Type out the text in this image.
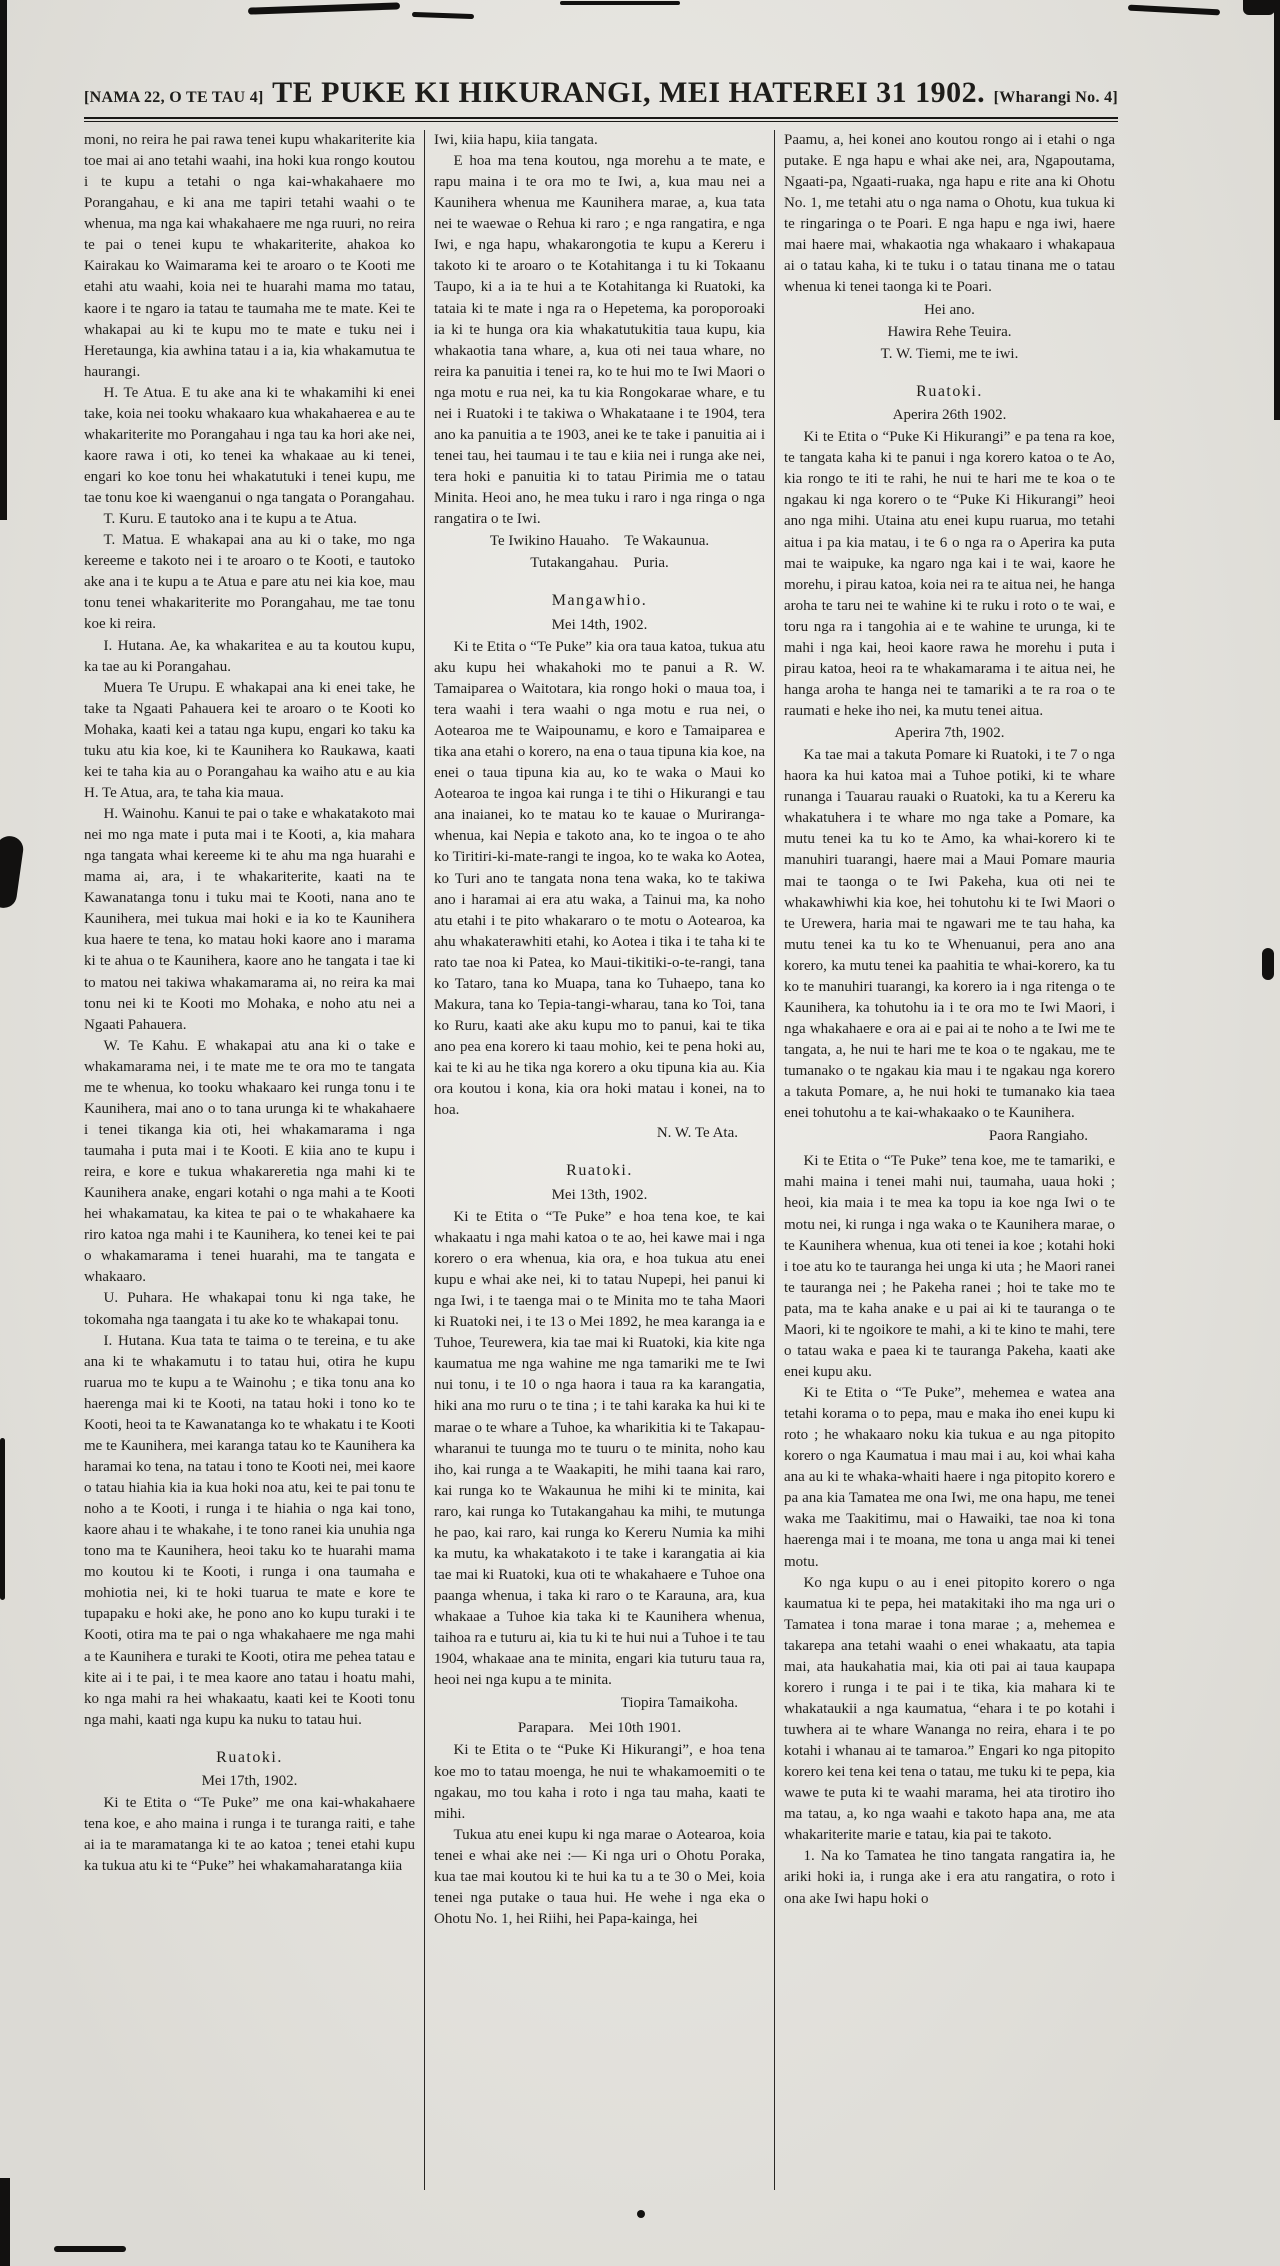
[NAMA 22, O TE TAU 4] TE PUKE KI HIKURANGI, MEI HATEREI 31 1902. [Wharangi No. 4]
moni, no reira he pai rawa tenei kupu whakariterite kia toe mai ai ano tetahi waahi, ina hoki kua rongo koutou i te kupu a tetahi o nga kai-whakahaere mo Porangahau, e ki ana me tapiri tetahi waahi o te whenua, ma nga kai whakahaere me nga ruuri, no reira te pai o tenei kupu te whakariterite, ahakoa ko Kairakau ko Waimarama kei te aroaro o te Kooti me etahi atu waahi, koia nei te huarahi mama mo tatau, kaore i te ngaro ia tatau te taumaha me te mate. Kei te whakapai au ki te kupu mo te mate e tuku nei i Heretaunga, kia awhina tatau i a ia, kia whakamutua te haurangi.
H. Te Atua. E tu ake ana ki te whakamihi ki enei take, koia nei tooku whakaaro kua whakahaerea e au te whakariterite mo Porangahau i nga tau ka hori ake nei, kaore rawa i oti, ko tenei ka whakaae au ki tenei, engari ko koe tonu hei whakatutuki i tenei kupu, me tae tonu koe ki waenganui o nga tangata o Porangahau.
T. Kuru. E tautoko ana i te kupu a te Atua.
T. Matua. E whakapai ana au ki o take, mo nga kereeme e takoto nei i te aroaro o te Kooti, e tautoko ake ana i te kupu a te Atua e pare atu nei kia koe, mau tonu tenei whakariterite mo Porangahau, me tae tonu koe ki reira.
I. Hutana. Ae, ka whakaritea e au ta koutou kupu, ka tae au ki Porangahau.
Muera Te Urupu. E whakapai ana ki enei take, he take ta Ngaati Pahauera kei te aroaro o te Kooti ko Mohaka, kaati kei a tatau nga kupu, engari ko taku ka tuku atu kia koe, ki te Kaunihera ko Raukawa, kaati kei te taha kia au o Porangahau ka waiho atu e au kia H. Te Atua, ara, te taha kia maua.
H. Wainohu. Kanui te pai o take e whakatakoto mai nei mo nga mate i puta mai i te Kooti, a, kia mahara nga tangata whai kereeme ki te ahu ma nga huarahi e mama ai, ara, i te whakariterite, kaati na te Kawanatanga tonu i tuku mai te Kooti, nana ano te Kaunihera, mei tukua mai hoki e ia ko te Kaunihera kua haere te tena, ko matau hoki kaore ano i marama ki te ahua o te Kaunihera, kaore ano he tangata i tae ki to matou nei takiwa whakamarama ai, no reira ka mai tonu nei ki te Kooti mo Mohaka, e noho atu nei a Ngaati Pahauera.
W. Te Kahu. E whakapai atu ana ki o take e whakamarama nei, i te mate me te ora mo te tangata me te whenua, ko tooku whakaaro kei runga tonu i te Kaunihera, mai ano o to tana urunga ki te whakahaere i tenei tikanga kia oti, hei whakamarama i nga taumaha i puta mai i te Kooti. E kiia ano te kupu i reira, e kore e tukua whakareretia nga mahi ki te Kaunihera anake, engari kotahi o nga mahi a te Kooti hei whakamatau, ka kitea te pai o te whakahaere ka riro katoa nga mahi i te Kaunihera, ko tenei kei te pai o whakamarama i tenei huarahi, ma te tangata e whakaaro.
U. Puhara. He whakapai tonu ki nga take, he tokomaha nga taangata i tu ake ko te whakapai tonu.
I. Hutana. Kua tata te taima o te tereina, e tu ake ana ki te whakamutu i to tatau hui, otira he kupu ruarua mo te kupu a te Wainohu ; e tika tonu ana ko haerenga mai ki te Kooti, na tatau hoki i tono ko te Kooti, heoi ta te Kawanatanga ko te whakatu i te Kooti me te Kaunihera, mei karanga tatau ko te Kaunihera ka haramai ko tena, na tatau i tono te Kooti nei, mei kaore o tatau hiahia kia ia kua hoki noa atu, kei te pai tonu te noho a te Kooti, i runga i te hiahia o nga kai tono, kaore ahau i te whakahe, i te tono ranei kia unuhia nga tono ma te Kaunihera, heoi taku ko te huarahi mama mo koutou ki te Kooti, i runga i ona taumaha e mohiotia nei, ki te hoki tuarua te mate e kore te tupapaku e hoki ake, he pono ano ko kupu turaki i te Kooti, otira ma te pai o nga whakahaere me nga mahi a te Kaunihera e turaki te Kooti, otira me pehea tatau e kite ai i te pai, i te mea kaore ano tatau i hoatu mahi, ko nga mahi ra hei whakaatu, kaati kei te Kooti tonu nga mahi, kaati nga kupu ka nuku to tatau hui.
Ruatoki.
Mei 17th, 1902.
Ki te Etita o “Te Puke” me ona kai-whakahaere tena koe, e aho maina i runga i te turanga raiti, e tahe ai ia te maramatanga ki te ao katoa ; tenei etahi kupu ka tukua atu ki te “Puke” hei whakamaharatanga kiia
Iwi, kiia hapu, kiia tangata.
E hoa ma tena koutou, nga morehu a te mate, e rapu maina i te ora mo te Iwi, a, kua mau nei a Kaunihera whenua me Kaunihera marae, a, kua tata nei te waewae o Rehua ki raro ; e nga rangatira, e nga Iwi, e nga hapu, whakarongotia te kupu a Kereru i takoto ki te aroaro o te Kotahitanga i tu ki Tokaanu Taupo, ki a ia te hui a te Kotahitanga ki Ruatoki, ka tataia ki te mate i nga ra o Hepetema, ka poroporoaki ia ki te hunga ora kia whakatutukitia taua kupu, kia whakaotia tana whare, a, kua oti nei taua whare, no reira ka panuitia i tenei ra, ko te hui mo te Iwi Maori o nga motu e rua nei, ka tu kia Rongokarae whare, e tu nei i Ruatoki i te takiwa o Whakataane i te 1904, tera ano ka panuitia a te 1903, anei ke te take i panuitia ai i tenei tau, hei taumau i te tau e kiia nei i runga ake nei, tera hoki e panuitia ki to tatau Pirimia me o tatau Minita. Heoi ano, he mea tuku i raro i nga ringa o nga rangatira o te Iwi.
Te Iwikino Hauaho. Te Wakaunua.
Tutakangahau. Puria.
Mangawhio.
Mei 14th, 1902.
Ki te Etita o “Te Puke” kia ora taua katoa, tukua atu aku kupu hei whakahoki mo te panui a R. W. Tamaiparea o Waitotara, kia rongo hoki o maua toa, i tera waahi i tera waahi o nga motu e rua nei, o Aotearoa me te Waipounamu, e koro e Tamaiparea e tika ana etahi o korero, na ena o taua tipuna kia koe, na enei o taua tipuna kia au, ko te waka o Maui ko Aotearoa te ingoa kai runga i te tihi o Hikurangi e tau ana inaianei, ko te matau ko te kauae o Muriranga-whenua, kai Nepia e takoto ana, ko te ingoa o te aho ko Tiritiri-ki-mate-rangi te ingoa, ko te waka ko Aotea, ko Turi ano te tangata nona tena waka, ko te takiwa ano i haramai ai era atu waka, a Tainui ma, ka noho atu etahi i te pito whakararo o te motu o Aotearoa, ka ahu whakaterawhiti etahi, ko Aotea i tika i te taha ki te rato tae noa ki Patea, ko Maui-tikitiki-o-te-rangi, tana ko Tataro, tana ko Muapa, tana ko Tuhaepo, tana ko Makura, tana ko Tepia-tangi-wharau, tana ko Toi, tana ko Ruru, kaati ake aku kupu mo to panui, kai te tika ano pea ena korero ki taau mohio, kei te pena hoki au, kai te ki au he tika nga korero a oku tipuna kia au. Kia ora koutou i kona, kia ora hoki matau i konei, na to hoa.
N. W. Te Ata.
Ruatoki.
Mei 13th, 1902.
Ki te Etita o “Te Puke” e hoa tena koe, te kai whakaatu i nga mahi katoa o te ao, hei kawe mai i nga korero o era whenua, kia ora, e hoa tukua atu enei kupu e whai ake nei, ki to tatau Nupepi, hei panui ki nga Iwi, i te taenga mai o te Minita mo te taha Maori ki Ruatoki nei, i te 13 o Mei 1892, he mea karanga ia e Tuhoe, Teurewera, kia tae mai ki Ruatoki, kia kite nga kaumatua me nga wahine me nga tamariki me te Iwi nui tonu, i te 10 o nga haora i taua ra ka karangatia, hiki ana mo ruru o te tina ; i te tahi karaka ka hui ki te marae o te whare a Tuhoe, ka wharikitia ki te Takapau-wharanui te tuunga mo te tuuru o te minita, noho kau iho, kai runga a te Waakapiti, he mihi taana kai raro, kai runga ko te Wakaunua he mihi ki te minita, kai raro, kai runga ko Tutakangahau ka mihi, te mutunga he pao, kai raro, kai runga ko Kereru Numia ka mihi ka mutu, ka whakatakoto i te take i karangatia ai kia tae mai ki Ruatoki, kua oti te whakahaere e Tuhoe ona paanga whenua, i taka ki raro o te Karauna, ara, kua whakaae a Tuhoe kia taka ki te Kaunihera whenua, taihoa ra e tuturu ai, kia tu ki te hui nui a Tuhoe i te tau 1904, whakaae ana te minita, engari kia tuturu taua ra, heoi nei nga kupu a te minita.
Tiopira Tamaikoha.
Parapara. Mei 10th 1901.
Ki te Etita o te “Puke Ki Hikurangi”, e hoa tena koe mo to tatau moenga, he nui te whakamoemiti o te ngakau, mo tou kaha i roto i nga tau maha, kaati te mihi.
Tukua atu enei kupu ki nga marae o Aotearoa, koia tenei e whai ake nei :— Ki nga uri o Ohotu Poraka, kua tae mai koutou ki te hui ka tu a te 30 o Mei, koia tenei nga putake o taua hui. He wehe i nga eka o Ohotu No. 1, hei Riihi, hei Papa-kainga, hei
Paamu, a, hei konei ano koutou rongo ai i etahi o nga putake. E nga hapu e whai ake nei, ara, Ngapoutama, Ngaati-pa, Ngaati-ruaka, nga hapu e rite ana ki Ohotu No. 1, me tetahi atu o nga nama o Ohotu, kua tukua ki te ringaringa o te Poari. E nga hapu e nga iwi, haere mai haere mai, whakaotia nga whakaaro i whakapaua ai o tatau kaha, ki te tuku i o tatau tinana me o tatau whenua ki tenei taonga ki te Poari.
Hei ano.
Hawira Rehe Teuira.
T. W. Tiemi, me te iwi.
Ruatoki.
Aperira 26th 1902.
Ki te Etita o “Puke Ki Hikurangi” e pa tena ra koe, te tangata kaha ki te panui i nga korero katoa o te Ao, kia rongo te iti te rahi, he nui te hari me te koa o te ngakau ki nga korero o te “Puke Ki Hikurangi” heoi ano nga mihi. Utaina atu enei kupu ruarua, mo tetahi aitua i pa kia matau, i te 6 o nga ra o Aperira ka puta mai te waipuke, ka ngaro nga kai i te wai, kaore he morehu, i pirau katoa, koia nei ra te aitua nei, he hanga aroha te taru nei te wahine ki te ruku i roto o te wai, e toru nga ra i tangohia ai e te wahine te urunga, ki te mahi i nga kai, heoi kaore rawa he morehu i puta i pirau katoa, heoi ra te whakamarama i te aitua nei, he hanga aroha te hanga nei te tamariki a te ra roa o te raumati e heke iho nei, ka mutu tenei aitua.
Aperira 7th, 1902.
Ka tae mai a takuta Pomare ki Ruatoki, i te 7 o nga haora ka hui katoa mai a Tuhoe potiki, ki te whare runanga i Tauarau rauaki o Ruatoki, ka tu a Kereru ka whakatuhera i te whare mo nga take a Pomare, ka mutu tenei ka tu ko te Amo, ka whai-korero ki te manuhiri tuarangi, haere mai a Maui Pomare mauria mai te taonga o te Iwi Pakeha, kua oti nei te whakawhiwhi kia koe, hei tohutohu ki te Iwi Maori o te Urewera, haria mai te ngawari me te tau haha, ka mutu tenei ka tu ko te Whenuanui, pera ano ana korero, ka mutu tenei ka paahitia te whai-korero, ka tu ko te manuhiri tuarangi, ka korero ia i nga ritenga o te Kaunihera, ka tohutohu ia i te ora mo te Iwi Maori, i nga whakahaere e ora ai e pai ai te noho a te Iwi me te tangata, a, he nui te hari me te koa o te ngakau, me te tumanako o te ngakau kia mau i te ngakau nga korero a takuta Pomare, a, he nui hoki te tumanako kia taea enei tohutohu a te kai-whakaako o te Kaunihera.
Paora Rangiaho.
Ki te Etita o “Te Puke” tena koe, me te tamariki, e mahi maina i tenei mahi nui, taumaha, uaua hoki ; heoi, kia maia i te mea ka topu ia koe nga Iwi o te motu nei, ki runga i nga waka o te Kaunihera marae, o te Kaunihera whenua, kua oti tenei ia koe ; kotahi hoki i toe atu ko te tauranga hei unga ki uta ; he Maori ranei te tauranga nei ; he Pakeha ranei ; hoi te take mo te pata, ma te kaha anake e u pai ai ki te tauranga o te Maori, ki te ngoikore te mahi, a ki te kino te mahi, tere o tatau waka e paea ki te tauranga Pakeha, kaati ake enei kupu aku.
Ki te Etita o “Te Puke”, mehemea e watea ana tetahi korama o to pepa, mau e maka iho enei kupu ki roto ; he whakaaro noku kia tukua e au nga pitopito korero o nga Kaumatua i mau mai i au, koi whai kaha ana au ki te whaka-whaiti haere i nga pitopito korero e pa ana kia Tamatea me ona Iwi, me ona hapu, me tenei waka me Taakitimu, mai o Hawaiki, tae noa ki tona haerenga mai i te moana, me tona u anga mai ki tenei motu.
Ko nga kupu o au i enei pitopito korero o nga kaumatua ki te pepa, hei matakitaki iho ma nga uri o Tamatea i tona marae i tona marae ; a, mehemea e takarepa ana tetahi waahi o enei whakaatu, ata tapia mai, ata haukahatia mai, kia oti pai ai taua kaupapa korero i runga i te pai i te tika, kia mahara ki te whakataukii a nga kaumatua, “ehara i te po kotahi i tuwhera ai te whare Wananga no reira, ehara i te po kotahi i whanau ai te tamaroa.” Engari ko nga pitopito korero kei tena kei tena o tatau, me tuku ki te pepa, kia wawe te puta ki te waahi marama, hei ata tirotiro iho ma tatau, a, ko nga waahi e takoto hapa ana, me ata whakariterite marie e tatau, kia pai te takoto.
1. Na ko Tamatea he tino tangata rangatira ia, he ariki hoki ia, i runga ake i era atu rangatira, o roto i ona ake Iwi hapu hoki o
